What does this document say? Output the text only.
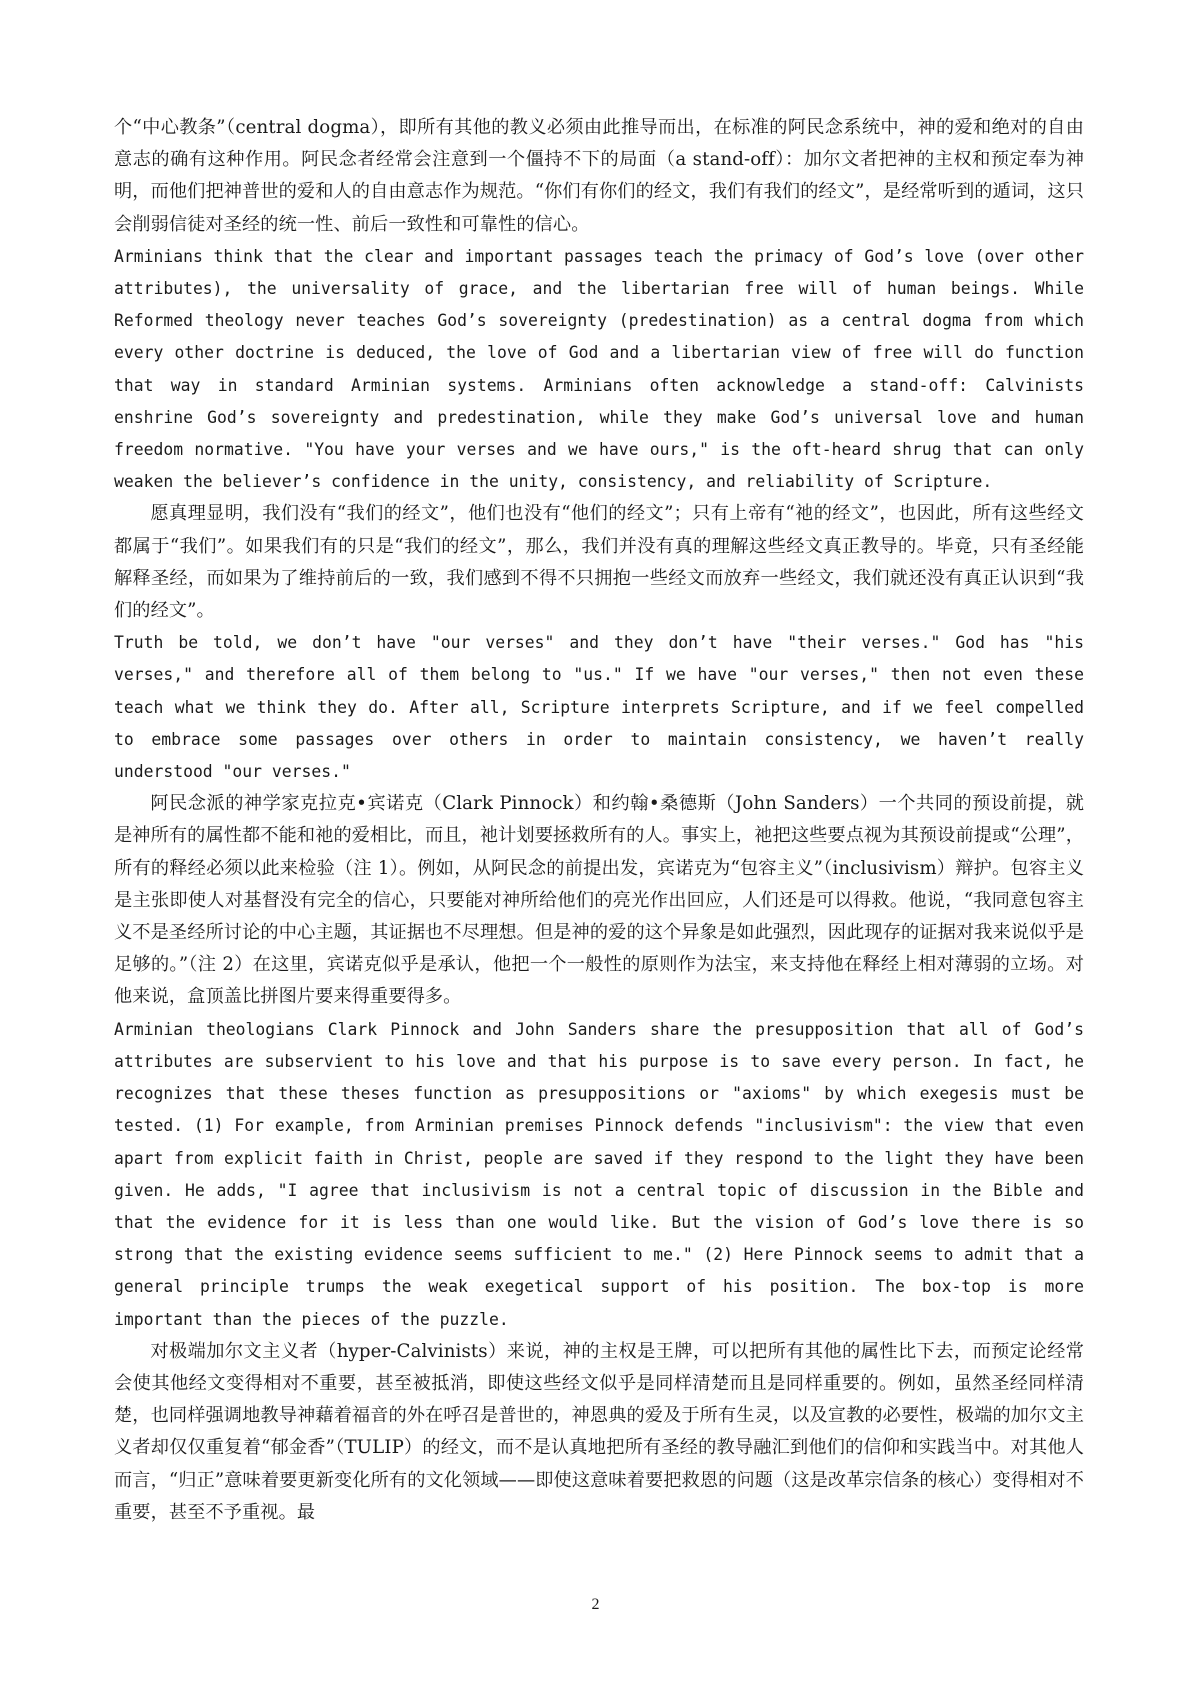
个“中心教条”（central dogma），即所有其他的教义必须由此推导而出，在标准的阿民念系统中，神的爱和绝对的自由意志的确有这种作用。阿民念者经常会注意到一个僵持不下的局面（a stand-off）：加尔文者把神的主权和预定奉为神明，而他们把神普世的爱和人的自由意志作为规范。“你们有你们的经文，我们有我们的经文”，是经常听到的遁词，这只会削弱信徒对圣经的统一性、前后一致性和可靠性的信心。

Arminians think that the clear and important passages teach the primacy of God’s love (over other attributes), the universality of grace, and the libertarian free will of human beings. While Reformed theology never teaches God’s sovereignty (predestination) as a central dogma from which every other doctrine is deduced, the love of God and a libertarian view of free will do function that way in standard Arminian systems. Arminians often acknowledge a stand-off: Calvinists enshrine God’s sovereignty and predestination, while they make God’s universal love and human freedom normative. "You have your verses and we have ours," is the oft-heard shrug that can only weaken the believer’s confidence in the unity, consistency, and reliability of Scripture.

愿真理显明，我们没有“我们的经文”，他们也没有“他们的经文”；只有上帝有“祂的经文”，也因此，所有这些经文都属于“我们”。如果我们有的只是“我们的经文”，那么，我们并没有真的理解这些经文真正教导的。毕竟，只有圣经能解释圣经，而如果为了维持前后的一致，我们感到不得不只拥抱一些经文而放弃一些经文，我们就还没有真正认识到“我们的经文”。

Truth be told, we don’t have "our verses" and they don’t have "their verses." God has "his verses," and therefore all of them belong to "us." If we have "our verses," then not even these teach what we think they do. After all, Scripture interprets Scripture, and if we feel compelled to embrace some passages over others in order to maintain consistency, we haven’t really understood "our verses."

阿民念派的神学家克拉克•宾诺克（Clark Pinnock）和约翰•桑德斯（John Sanders）一个共同的预设前提，就是神所有的属性都不能和祂的爱相比，而且，祂计划要拯救所有的人。事实上，祂把这些要点视为其预设前提或“公理”，所有的释经必须以此来检验（注 1）。例如，从阿民念的前提出发，宾诺克为“包容主义”（inclusivism）辩护。包容主义是主张即使人对基督没有完全的信心，只要能对神所给他们的亮光作出回应，人们还是可以得救。他说，“我同意包容主义不是圣经所讨论的中心主题，其证据也不尽理想。但是神的爱的这个异象是如此强烈，因此现存的证据对我来说似乎是足够的。”（注 2）在这里，宾诺克似乎是承认，他把一个一般性的原则作为法宝，来支持他在释经上相对薄弱的立场。对他来说，盒顶盖比拼图片要来得重要得多。

Arminian theologians Clark Pinnock and John Sanders share the presupposition that all of God’s attributes are subservient to his love and that his purpose is to save every person. In fact, he recognizes that these theses function as presuppositions or "axioms" by which exegesis must be tested. (1) For example, from Arminian premises Pinnock defends "inclusivism": the view that even apart from explicit faith in Christ, people are saved if they respond to the light they have been given. He adds, "I agree that inclusivism is not a central topic of discussion in the Bible and that the evidence for it is less than one would like. But the vision of God’s love there is so strong that the existing evidence seems sufficient to me." (2) Here Pinnock seems to admit that a general principle trumps the weak exegetical support of his position. The box-top is more important than the pieces of the puzzle.

对极端加尔文主义者（hyper-Calvinists）来说，神的主权是王牌，可以把所有其他的属性比下去，而预定论经常会使其他经文变得相对不重要，甚至被抵消，即使这些经文似乎是同样清楚而且是同样重要的。例如，虽然圣经同样清楚，也同样强调地教导神藉着福音的外在呼召是普世的，神恩典的爱及于所有生灵，以及宣教的必要性，极端的加尔文主义者却仅仅重复着“郁金香”（TULIP）的经文，而不是认真地把所有圣经的教导融汇到他们的信仰和实践当中。对其他人而言，“归正”意味着要更新变化所有的文化领域——即使这意味着要把救恩的问题（这是改革宗信条的核心）变得相对不重要，甚至不予重视。最

2
